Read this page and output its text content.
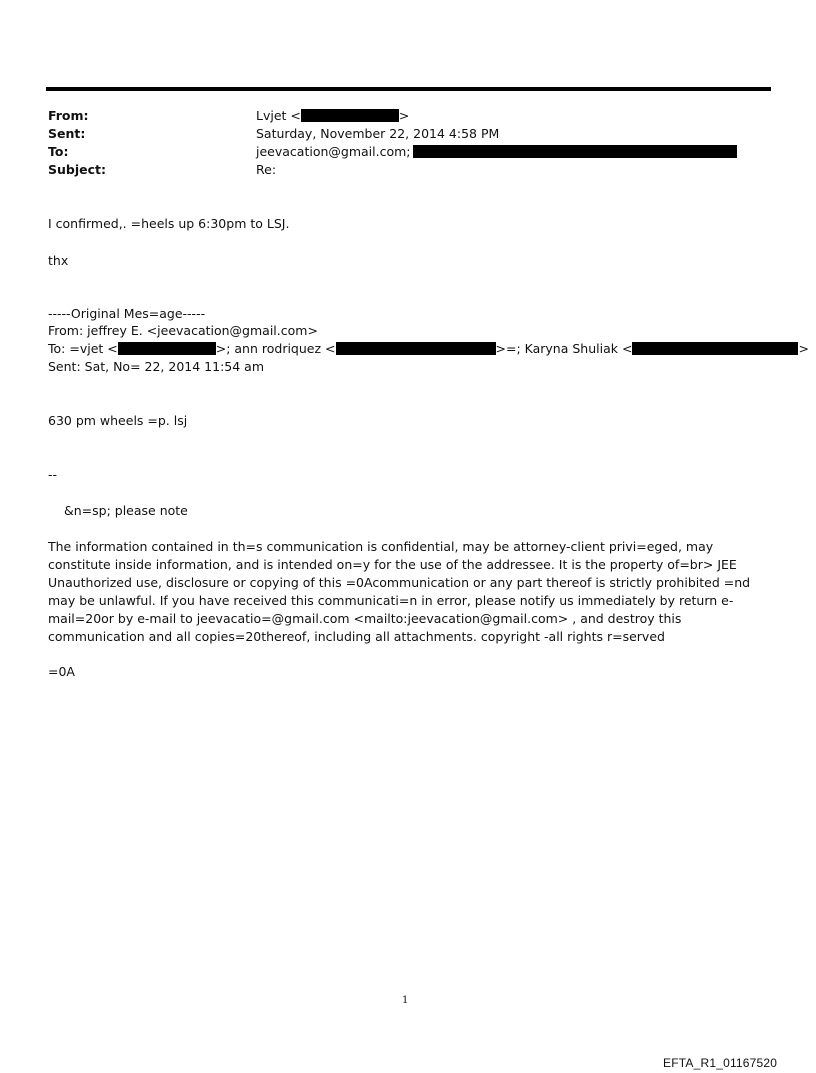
From:	Lvjet <	>
Sent:	Saturday, November 22, 2014 4:58 PM
To:	jeevacation@gmail.com;
Subject:	Re:
I confirmed,. =heels up 6:30pm to LSJ.
thx
-----Original Mes=age-----
From: jeffrey E. <jeevacation@gmail.com>
To: =vjet <	>; ann rodriquez <	>=; Karyna Shuliak <	>
Sent: Sat, No= 22, 2014 11:54 am
630 pm wheels =p. lsj
--
&n=sp; please note
The information contained in th=s communication is confidential, may be attorney-client privi=eged, may constitute inside information, and is intended on=y for the use of the addressee. It is the property of=br> JEE Unauthorized use, disclosure or copying of this =0Acommunication or any part thereof is strictly prohibited =nd may be unlawful. If you have received this communicati=n in error, please notify us immediately by return e-mail=20or by e-mail to jeevacatio=@gmail.com <mailto:jeevacation@gmail.com> , and destroy this communication and all copies=20thereof, including all attachments. copyright -all rights r=served
=0A
1
EFTA_R1_01167520
